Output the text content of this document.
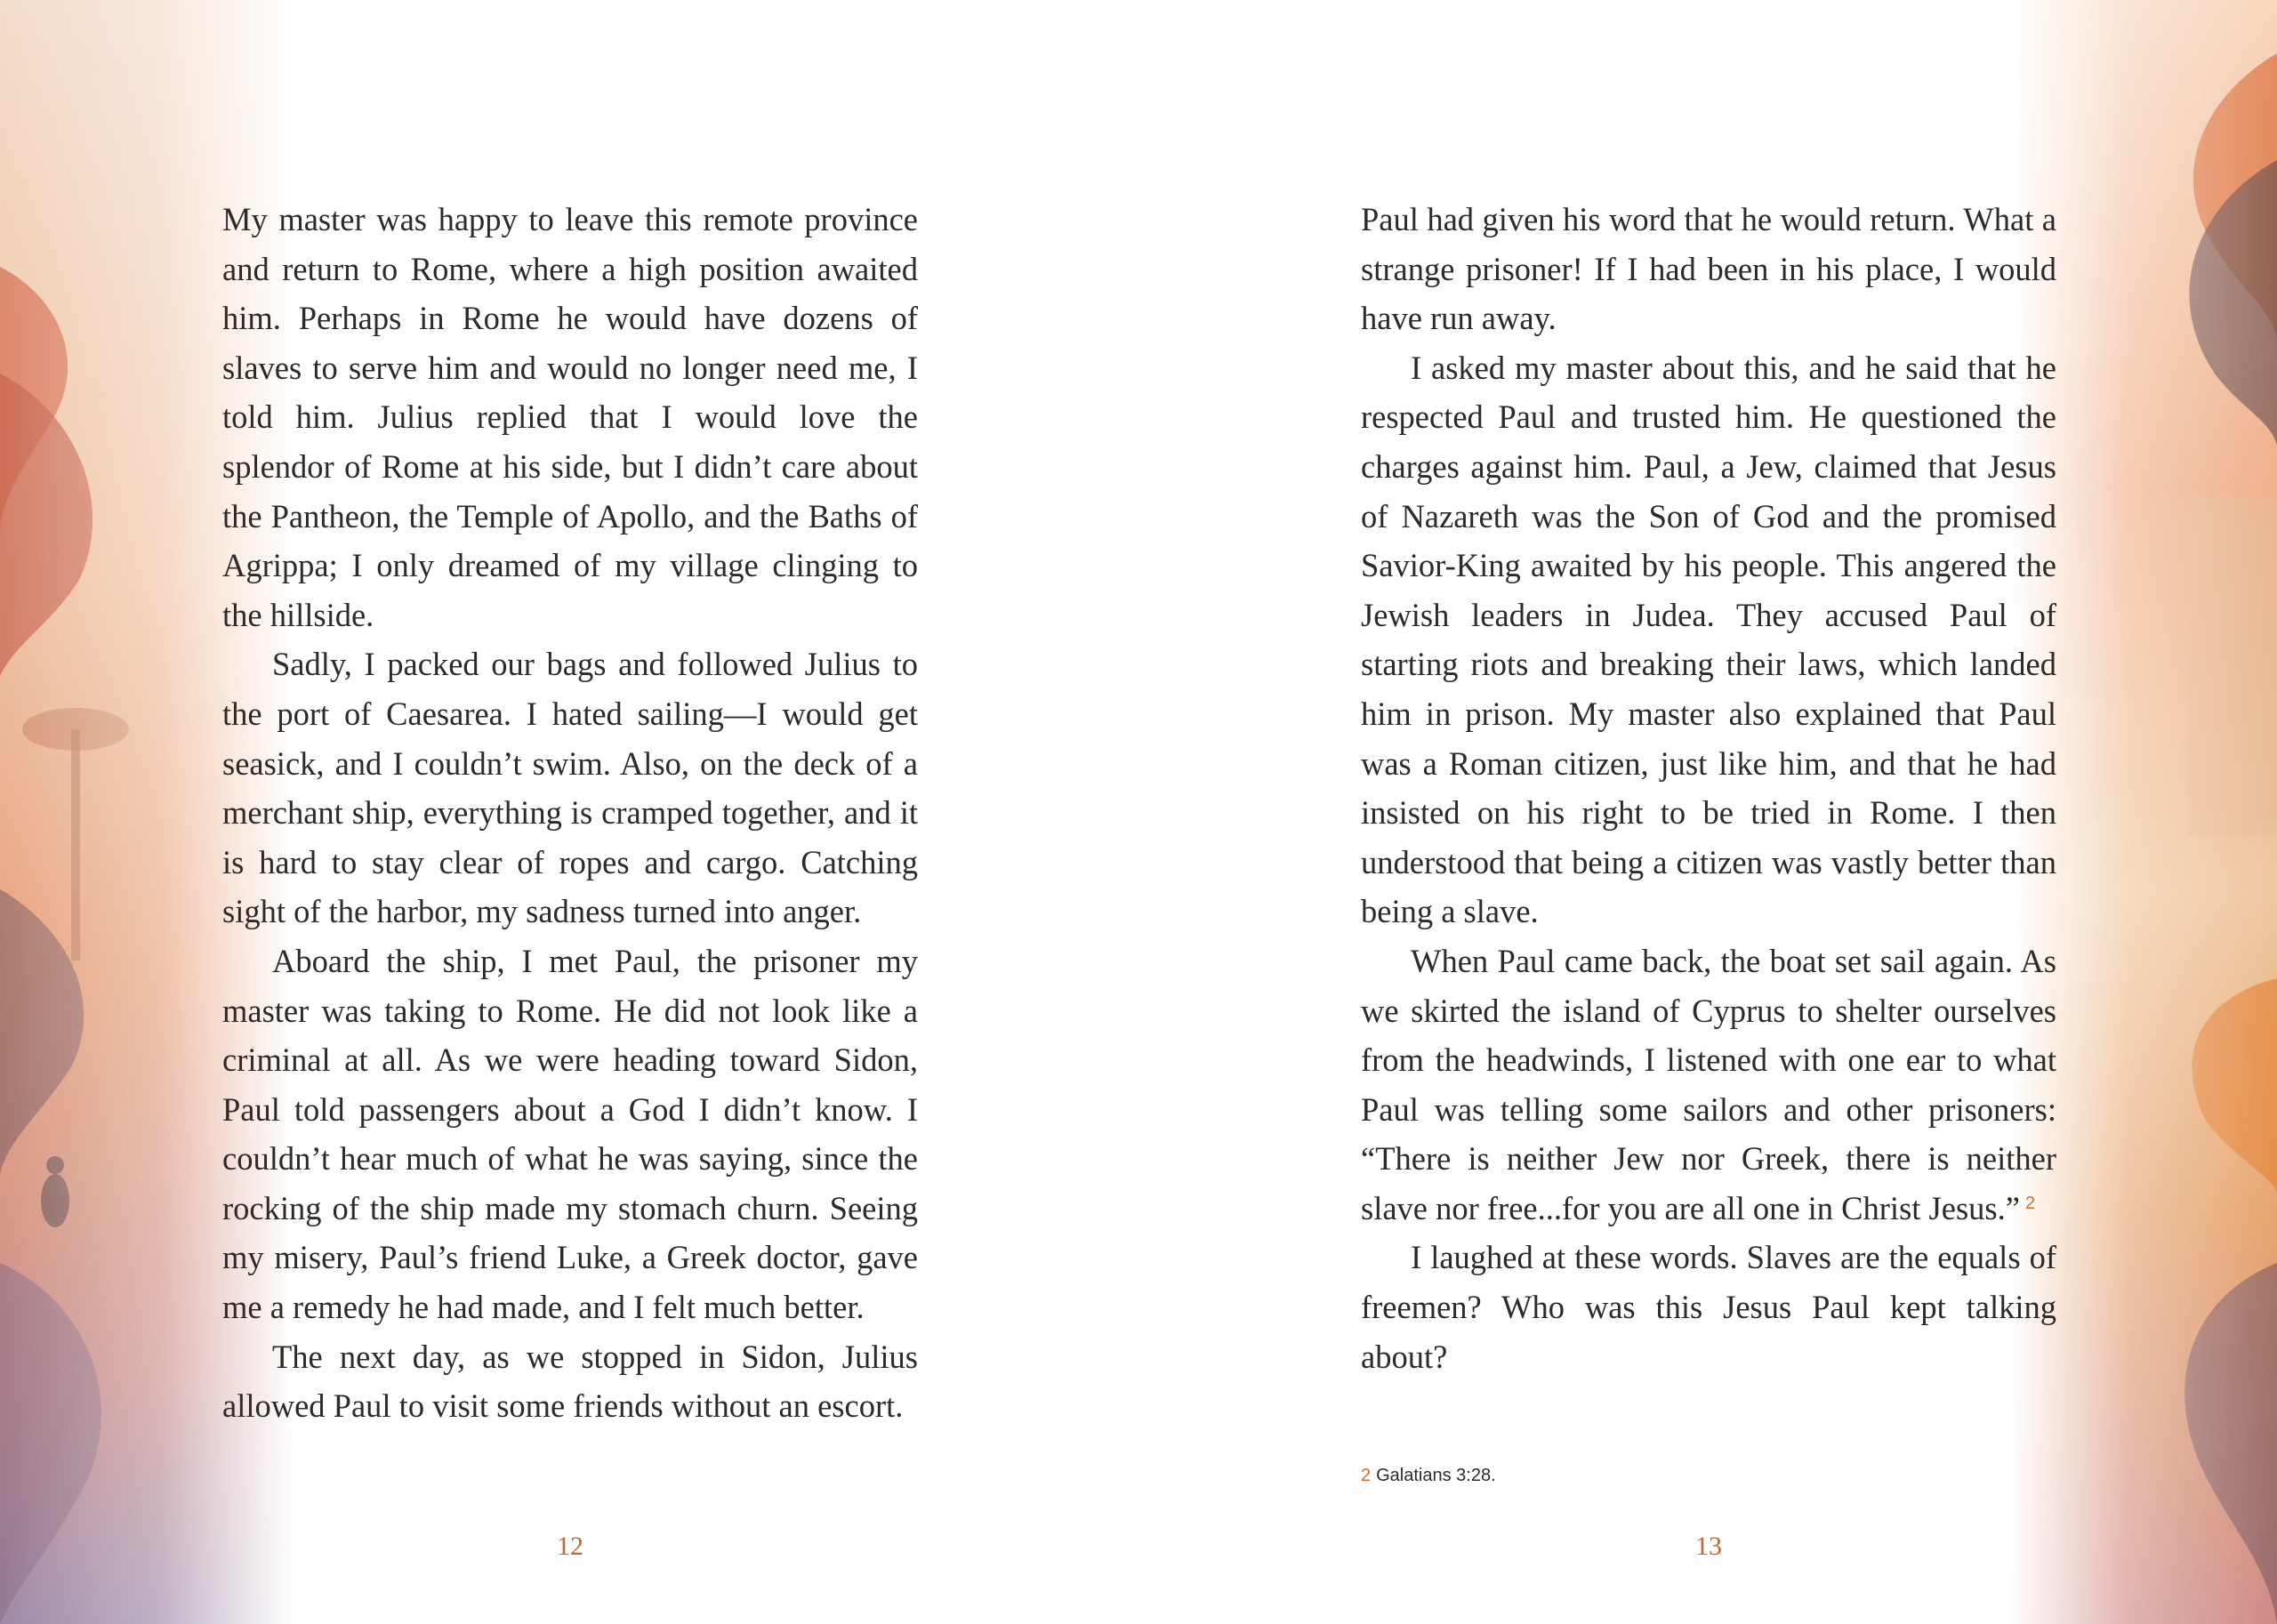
My master was happy to leave this remote province and return to Rome, where a high position awaited him. Perhaps in Rome he would have dozens of slaves to serve him and would no longer need me, I told him. Julius replied that I would love the splendor of Rome at his side, but I didn’t care about the Pantheon, the Temple of Apollo, and the Baths of Agrippa; I only dreamed of my village clinging to the hillside.

Sadly, I packed our bags and followed Julius to the port of Caesarea. I hated sailing—I would get seasick, and I couldn’t swim. Also, on the deck of a merchant ship, everything is cramped together, and it is hard to stay clear of ropes and cargo. Catching sight of the harbor, my sadness turned into anger.

Aboard the ship, I met Paul, the prisoner my master was taking to Rome. He did not look like a criminal at all. As we were heading toward Sidon, Paul told passengers about a God I didn’t know. I couldn’t hear much of what he was saying, since the rocking of the ship made my stomach churn. Seeing my misery, Paul’s friend Luke, a Greek doctor, gave me a remedy he had made, and I felt much better.

The next day, as we stopped in Sidon, Julius allowed Paul to visit some friends without an escort.

12

Paul had given his word that he would return. What a strange prisoner! If I had been in his place, I would have run away.

I asked my master about this, and he said that he respected Paul and trusted him. He questioned the charges against him. Paul, a Jew, claimed that Jesus of Nazareth was the Son of God and the promised Savior-King awaited by his people. This angered the Jewish leaders in Judea. They accused Paul of starting riots and breaking their laws, which landed him in prison. My master also explained that Paul was a Roman citizen, just like him, and that he had insisted on his right to be tried in Rome. I then understood that being a citizen was vastly better than being a slave.

When Paul came back, the boat set sail again. As we skirted the island of Cyprus to shelter ourselves from the headwinds, I listened with one ear to what Paul was telling some sailors and other prisoners: “There is neither Jew nor Greek, there is neither slave nor free...for you are all one in Christ Jesus.” $^2$

I laughed at these words. Slaves are the equals of freemen? Who was this Jesus Paul kept talking about?

2 Galatians 3:28.
13
